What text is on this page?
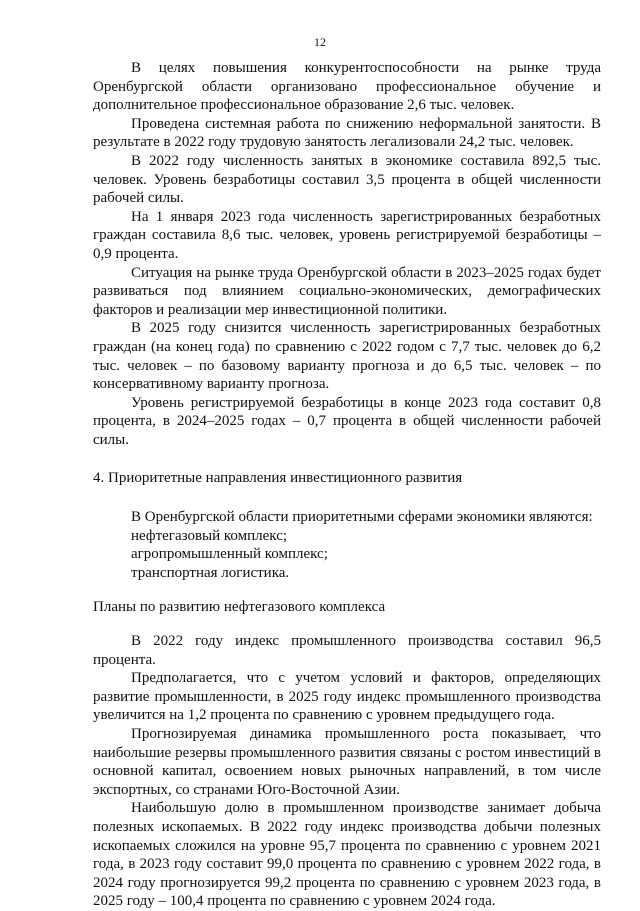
12

В целях повышения конкурентоспособности на рынке труда Оренбургской области организовано профессиональное обучение и дополнительное профессиональное образование 2,6 тыс. человек.

Проведена системная работа по снижению неформальной занятости. В результате в 2022 году трудовую занятость легализовали 24,2 тыс. человек.

В 2022 году численность занятых в экономике составила 892,5 тыс. человек. Уровень безработицы составил 3,5 процента в общей численности рабочей силы.

На 1 января 2023 года численность зарегистрированных безработных граждан составила 8,6 тыс. человек, уровень регистрируемой безработицы – 0,9 процента.

Ситуация на рынке труда Оренбургской области в 2023–2025 годах будет развиваться под влиянием социально-экономических, демографических факторов и реализации мер инвестиционной политики.

В 2025 году снизится численность зарегистрированных безработных граждан (на конец года) по сравнению с 2022 годом с 7,7 тыс. человек до 6,2 тыс. человек – по базовому варианту прогноза и до 6,5 тыс. человек – по консервативному варианту прогноза.

Уровень регистрируемой безработицы в конце 2023 года составит 0,8 процента, в 2024–2025 годах – 0,7 процента в общей численности рабочей силы.

4. Приоритетные направления инвестиционного развития

В Оренбургской области приоритетными сферами экономики являются:

нефтегазовый комплекс;

агропромышленный комплекс;

транспортная логистика.

Планы по развитию нефтегазового комплекса

В 2022 году индекс промышленного производства составил 96,5 процента.

Предполагается, что с учетом условий и факторов, определяющих развитие промышленности, в 2025 году индекс промышленного производства увеличится на 1,2 процента по сравнению с уровнем предыдущего года.

Прогнозируемая динамика промышленного роста показывает, что наибольшие резервы промышленного развития связаны с ростом инвестиций в основной капитал, освоением новых рыночных направлений, в том числе экспортных, со странами Юго-Восточной Азии.

Наибольшую долю в промышленном производстве занимает добыча полезных ископаемых. В 2022 году индекс производства добычи полезных ископаемых сложился на уровне 95,7 процента по сравнению с уровнем 2021 года, в 2023 году составит 99,0 процента по сравнению с уровнем 2022 года, в 2024 году прогнозируется 99,2 процента по сравнению с уровнем 2023 года, в 2025 году – 100,4 процента по сравнению с уровнем 2024 года.
